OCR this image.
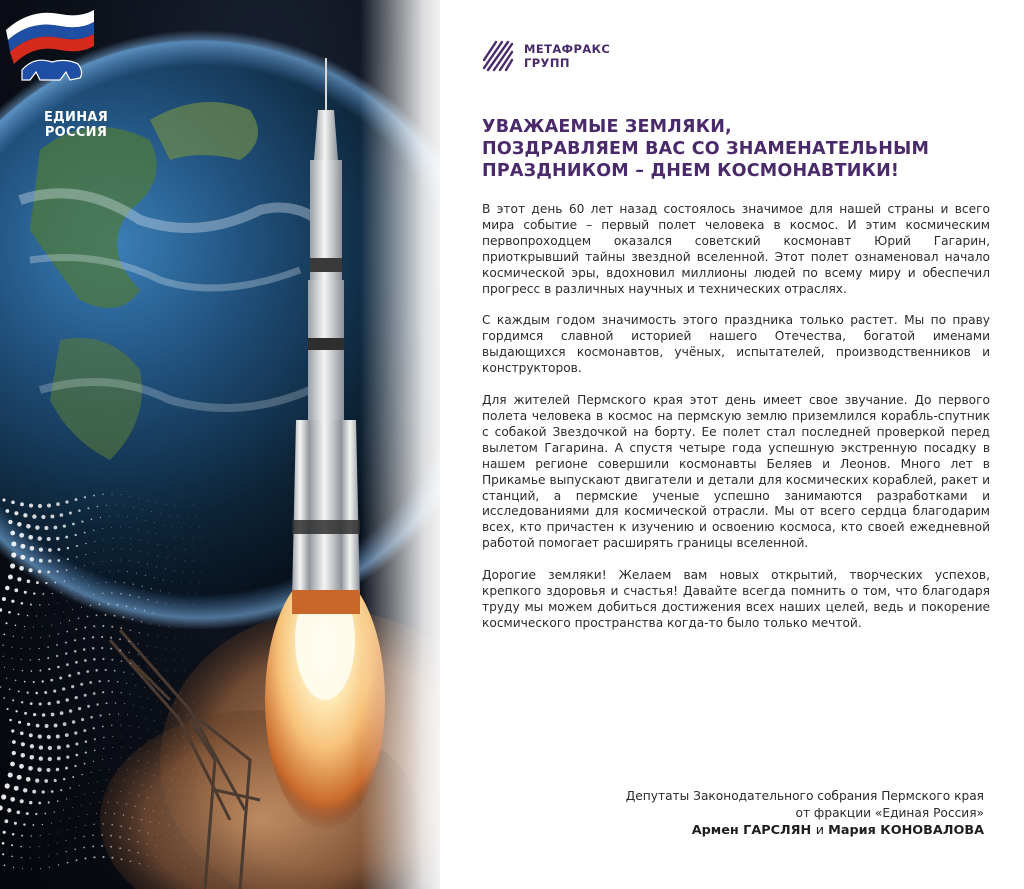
ЕДИНАЯ
РОССИЯ
МЕТАФРАКС
ГРУПП
УВАЖАЕМЫЕ ЗЕМЛЯКИ,
ПОЗДРАВЛЯЕМ ВАС СО ЗНАМЕНАТЕЛЬНЫМ
ПРАЗДНИКОМ – ДНЕМ КОСМОНАВТИКИ!

В этот день 60 лет назад состоялось значимое для нашей страны и всего мира событие – первый полет человека в космос. И этим космическим первопроходцем оказался советский космонавт Юрий Гагарин, приоткрывший тайны звездной вселенной. Этот полет ознаменовал начало космической эры, вдохновил миллионы людей по всему миру и обеспечил прогресс в различных научных и технических отраслях.

С каждым годом значимость этого праздника только растет. Мы по праву гордимся славной историей нашего Отечества, богатой именами выдающихся космонавтов, учёных, испытателей, производственников и конструкторов.

Для жителей Пермского края этот день имеет свое звучание. До первого полета человека в космос на пермскую землю приземлился корабль-спутник с собакой Звездочкой на борту. Ее полет стал последней проверкой перед вылетом Гагарина. А спустя четыре года успешную экстренную посадку в нашем регионе совершили космонавты Беляев и Леонов. Много лет в Прикамье выпускают двигатели и детали для космических кораблей, ракет и станций, а пермские ученые успешно занимаются разработками и исследованиями для космической отрасли. Мы от всего сердца благодарим всех, кто причастен к изучению и освоению космоса, кто своей ежедневной работой помогает расширять границы вселенной.

Дорогие земляки! Желаем вам новых открытий, творческих успехов, крепкого здоровья и счастья! Давайте всегда помнить о том, что благодаря труду мы можем добиться достижения всех наших целей, ведь и покорение космического пространства когда-то было только мечтой.

Депутаты Законодательного собрания Пермского края
от фракции «Единая Россия»
Армен ГАРСЛЯН и Мария КОНОВАЛОВА
